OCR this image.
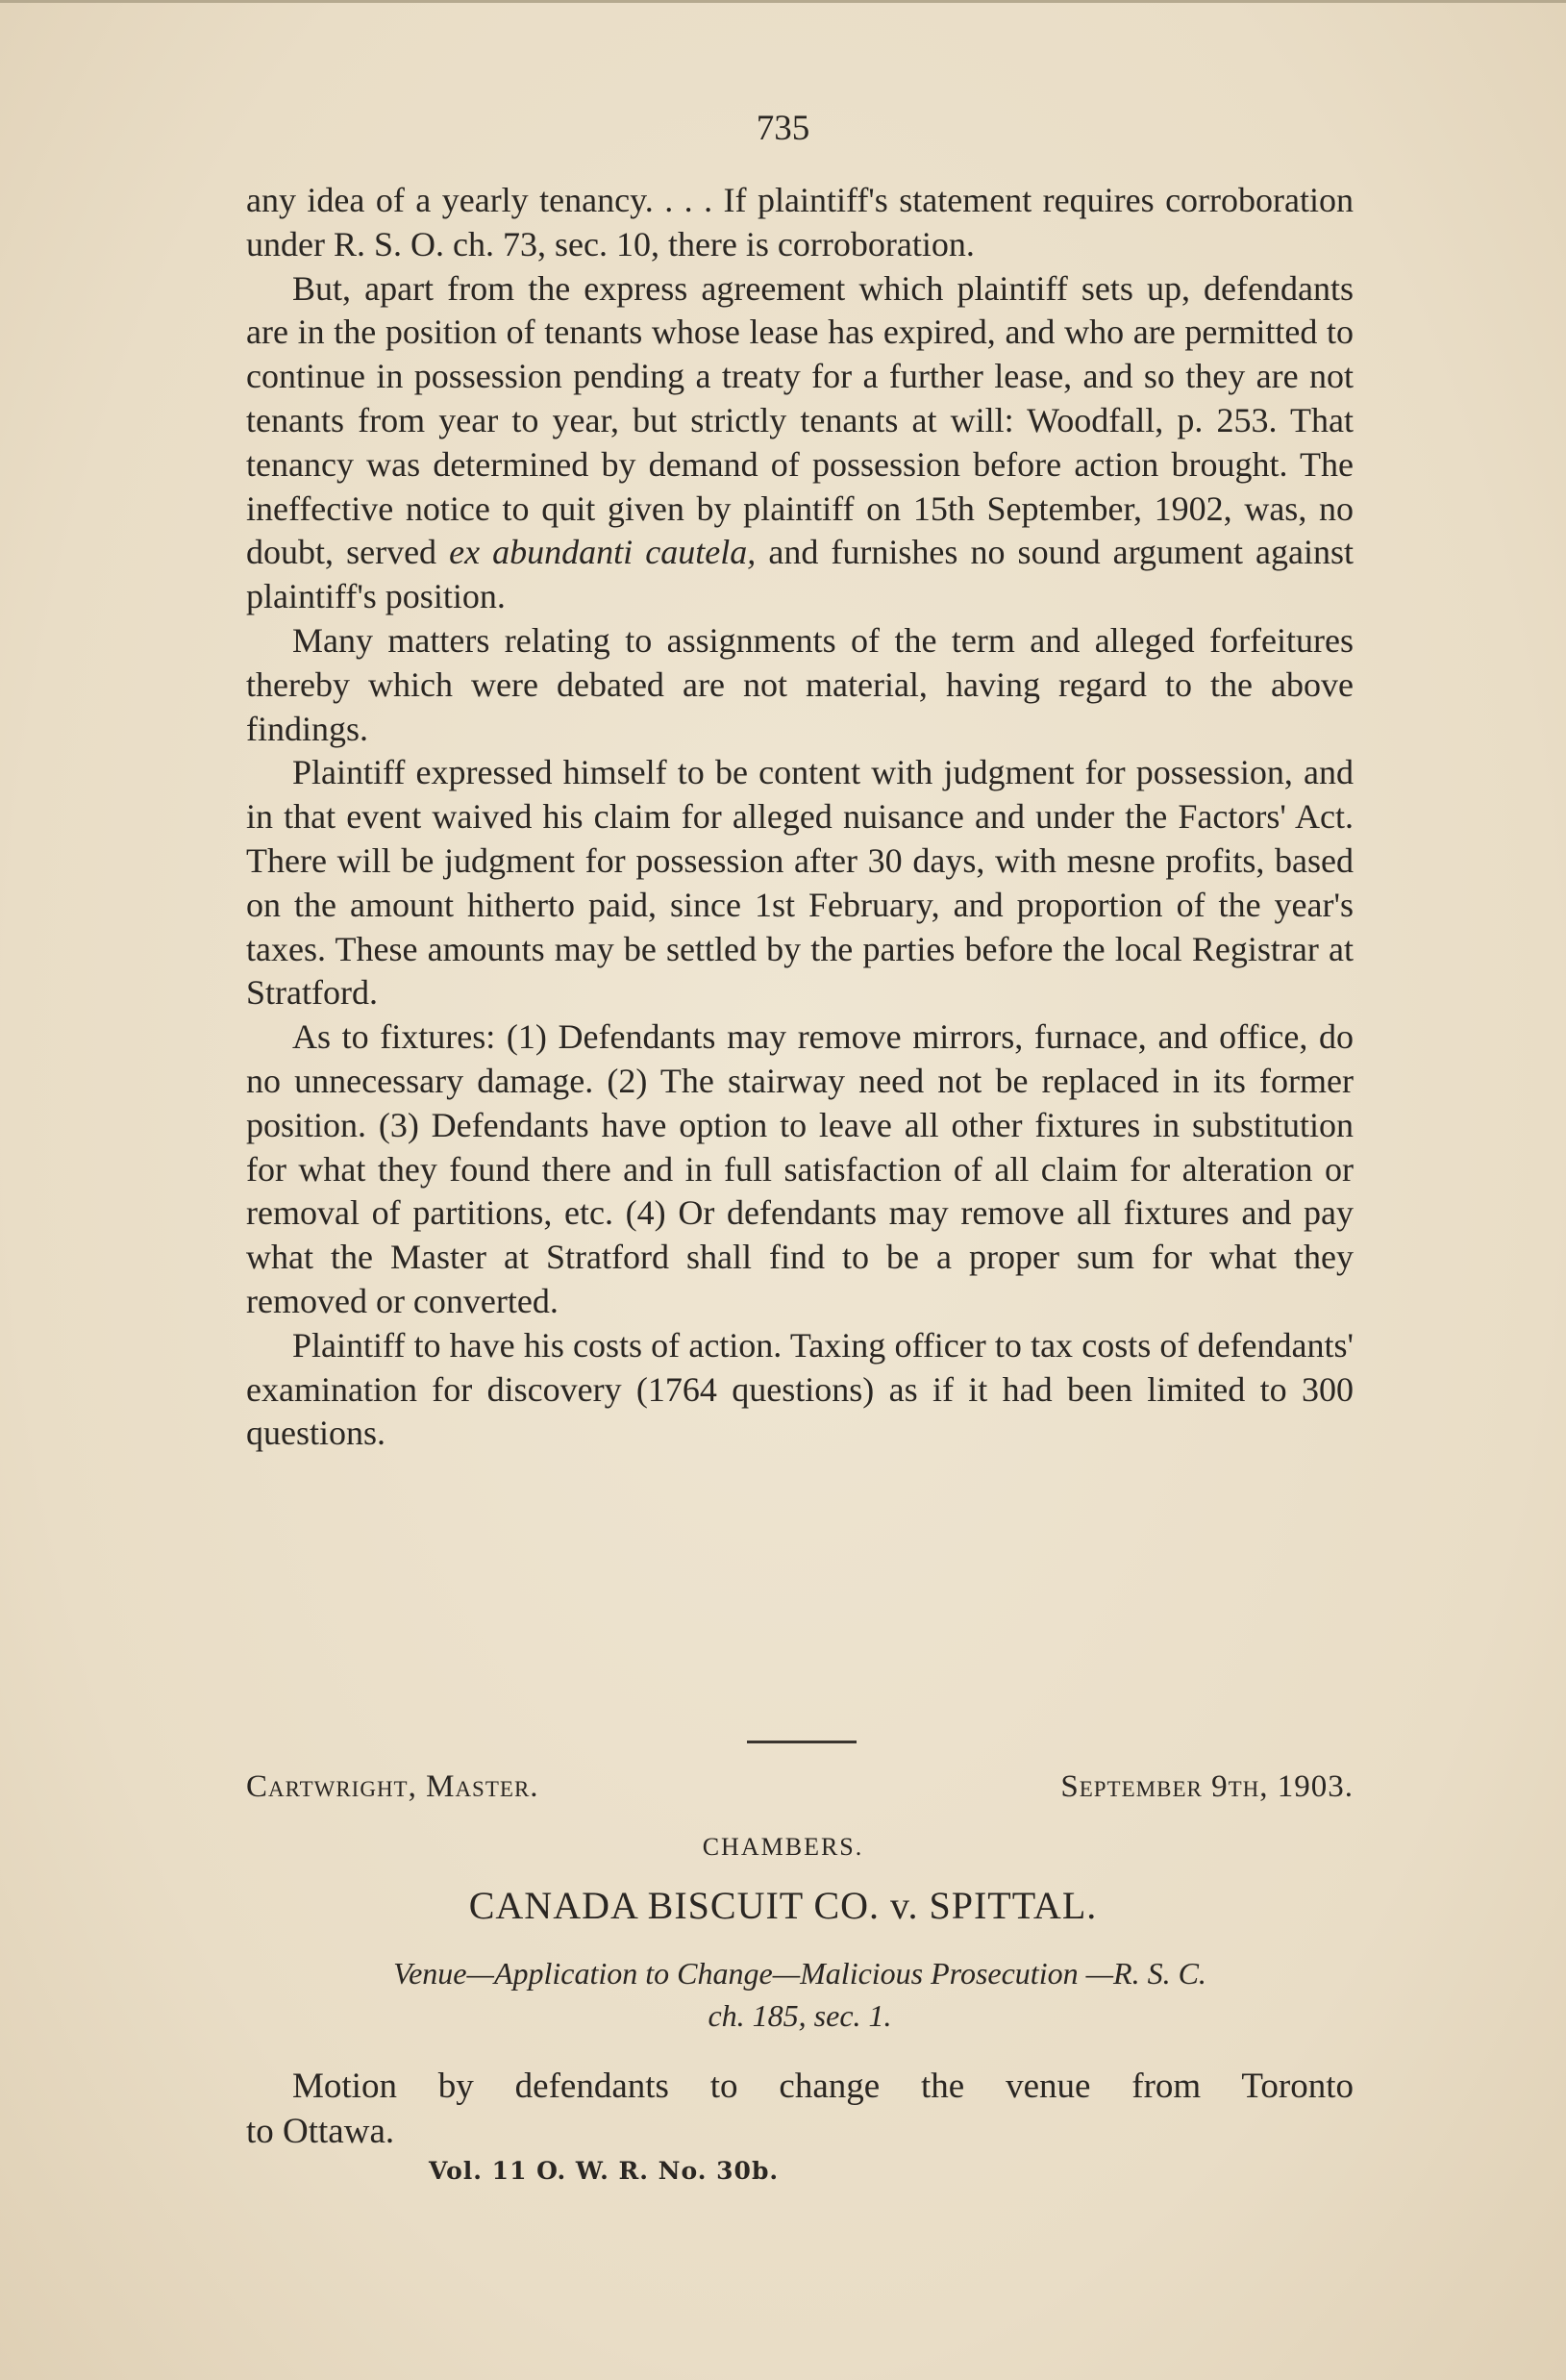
735

any idea of a yearly tenancy. . . . If plaintiff's statement requires corroboration under R. S. O. ch. 73, sec. 10, there is corroboration.

But, apart from the express agreement which plaintiff sets up, defendants are in the position of tenants whose lease has expired, and who are permitted to continue in possession pending a treaty for a further lease, and so they are not tenants from year to year, but strictly tenants at will: Woodfall, p. 253. That tenancy was determined by demand of possession before action brought. The ineffective notice to quit given by plaintiff on 15th September, 1902, was, no doubt, served ex abundanti cautela, and furnishes no sound argument against plaintiff's position.

Many matters relating to assignments of the term and alleged forfeitures thereby which were debated are not material, having regard to the above findings.

Plaintiff expressed himself to be content with judgment for possession, and in that event waived his claim for alleged nuisance and under the Factors' Act. There will be judgment for possession after 30 days, with mesne profits, based on the amount hitherto paid, since 1st February, and proportion of the year's taxes. These amounts may be settled by the parties before the local Registrar at Stratford.

As to fixtures: (1) Defendants may remove mirrors, furnace, and office, do no unnecessary damage. (2) The stairway need not be replaced in its former position. (3) Defendants have option to leave all other fixtures in substitution for what they found there and in full satisfaction of all claim for alteration or removal of partitions, etc. (4) Or defendants may remove all fixtures and pay what the Master at Stratford shall find to be a proper sum for what they removed or converted.

Plaintiff to have his costs of action. Taxing officer to tax costs of defendants' examination for discovery (1764 questions) as if it had been limited to 300 questions.

Cartwright, Master.	September 9th, 1903.
CHAMBERS.
CANADA BISCUIT CO. v. SPITTAL.
Venue—Application to Change—Malicious Prosecution —R. S. C.
ch. 185, sec. 1.
Motion by defendants to change the venue from Toronto
to Ottawa.
Vol. 11 O. W. R. No. 30b.
